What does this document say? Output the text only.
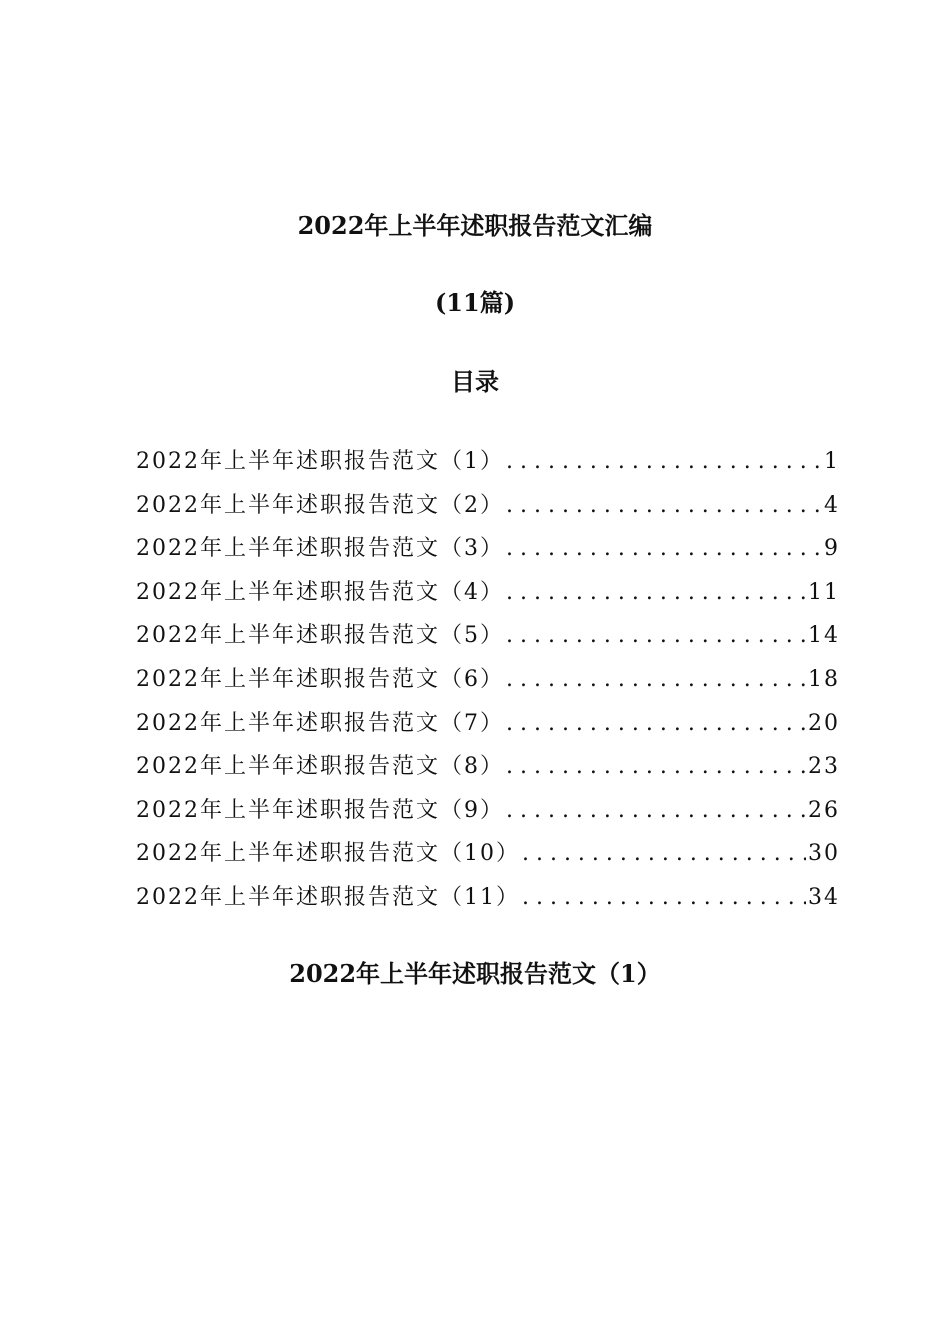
2022年上半年述职报告范文汇编
(11篇)
目录
2022年上半年述职报告范文（1） . . .	1
2022年上半年述职报告范文（2） . . .	4
2022年上半年述职报告范文（3） . . .	9
2022年上半年述职报告范文（4） . . .	11
2022年上半年述职报告范文（5） . . .	14
2022年上半年述职报告范文（6） . . .	18
2022年上半年述职报告范文（7） . . .	20
2022年上半年述职报告范文（8） . . .	23
2022年上半年述职报告范文（9） . . .	26
2022年上半年述职报告范文（10） . . .	30
2022年上半年述职报告范文（11） . . .	34
2022年上半年述职报告范文（1）
